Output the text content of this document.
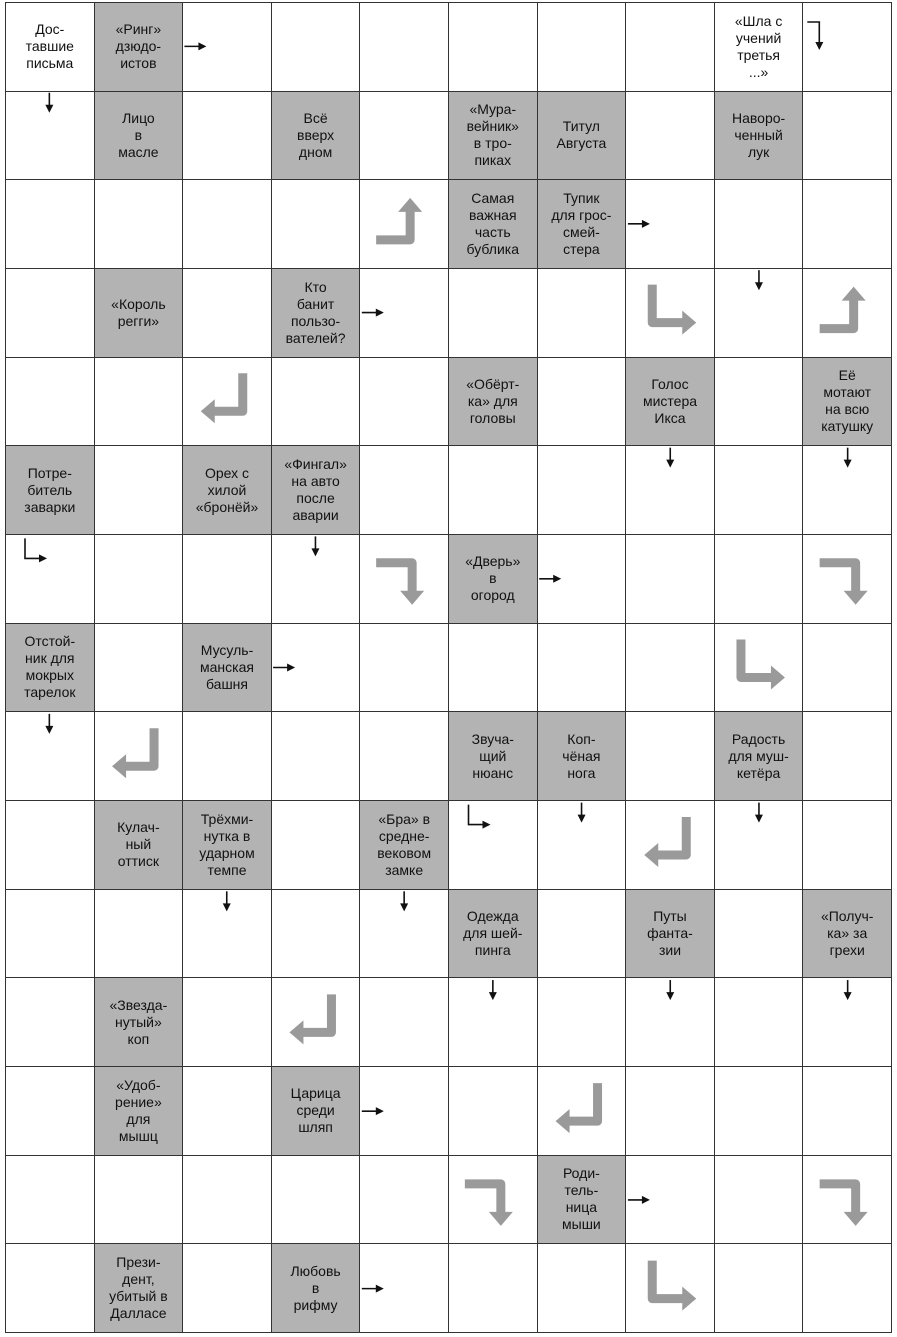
Дос-
тавшие
письма
«Ринг»
дзюдо-
истов
«Шла с
учений
третья
...»
Лицо
в
масле
Всё
вверх
дном
«Мура-
вейник»
в тро-
пиках
Титул
Августа
Наворо-
ченный
лук
Самая
важная
часть
бублика
Тупик
для грос-
смей-
стера
«Король
регги»
Кто
банит
пользо-
вателей?
«Обёрт-
ка» для
головы
Голос
мистера
Икса
Её
мотают
на всю
катушку
Потре-
битель
заварки
Орех с
хилой
«бронёй»
«Фингал»
на авто
после
аварии
«Дверь»
в
огород
Отстой-
ник для
мокрых
тарелок
Мусуль-
манская
башня
Звуча-
щий
нюанс
Коп-
чёная
нога
Радость
для муш-
кетёра
Кулач-
ный
оттиск
Трёхми-
нутка в
ударном
темпе
«Бра» в
средне-
вековом
замке
Одежда
для шей-
пинга
Путы
фанта-
зии
«Получ-
ка» за
грехи
«Звезда-
нутый»
коп
«Удоб-
рение»
для
мышц
Царица
среди
шляп
Роди-
тель-
ница
мыши
Прези-
дент,
убитый в
Далласе
Любовь
в
рифму
